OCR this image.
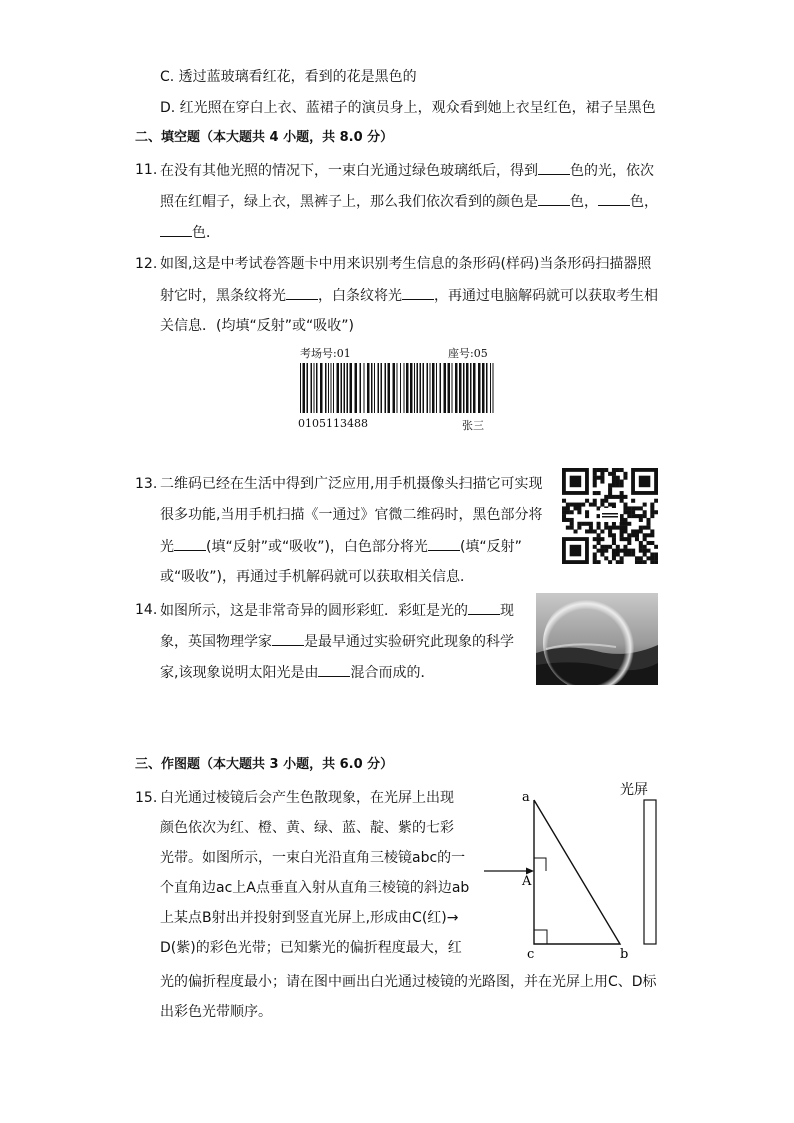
C. 透过蓝玻璃看红花，看到的花是黑色的
D. 红光照在穿白上衣、蓝裙子的演员身上，观众看到她上衣呈红色，裙子呈黑色
二、填空题（本大题共 4 小题，共 8.0 分）
11. 在没有其他光照的情况下，一束白光通过绿色玻璃纸后，得到 色的光，依次
照在红帽子，绿上衣，黑裤子上，那么我们依次看到的颜色是 色， 色，
色．
12. 如图,这是中考试卷答题卡中用来识别考生信息的条形码(样码)当条形码扫描器照
射它时，黑条纹将光 ，白条纹将光 ，再通过电脑解码就可以获取考生相
关信息．(均填“反射”或“吸收”)
考场号:01	座号:05
0105113488	张三
13. 二维码已经在生活中得到广泛应用,用手机摄像头扫描它可实现
很多功能,当用手机扫描《一通过》官微二维码时，黑色部分将
光 (填“反射”或“吸收”)，白色部分将光 (填“反射”
或“吸收”)，再通过手机解码就可以获取相关信息．
14. 如图所示，这是非常奇异的圆形彩虹．彩虹是光的 现
象，英国物理学家 是最早通过实验研究此现象的科学
家,该现象说明太阳光是由 混合而成的．
三、作图题（本大题共 3 小题，共 6.0 分）
15. 白光通过棱镜后会产生色散现象，在光屏上出现
颜色依次为红、橙、黄、绿、蓝、靛、紫的七彩
光带。如图所示，一束白光沿直角三棱镜abc的一
个直角边ac上A点垂直入射从直角三棱镜的斜边ab
上某点B射出并投射到竖直光屏上,形成由C(红)→
D(紫)的彩色光带；已知紫光的偏折程度最大，红
光的偏折程度最小；请在图中画出白光通过棱镜的光路图，并在光屏上用C、D标
出彩色光带顺序。
a
b
c
A
光屏
